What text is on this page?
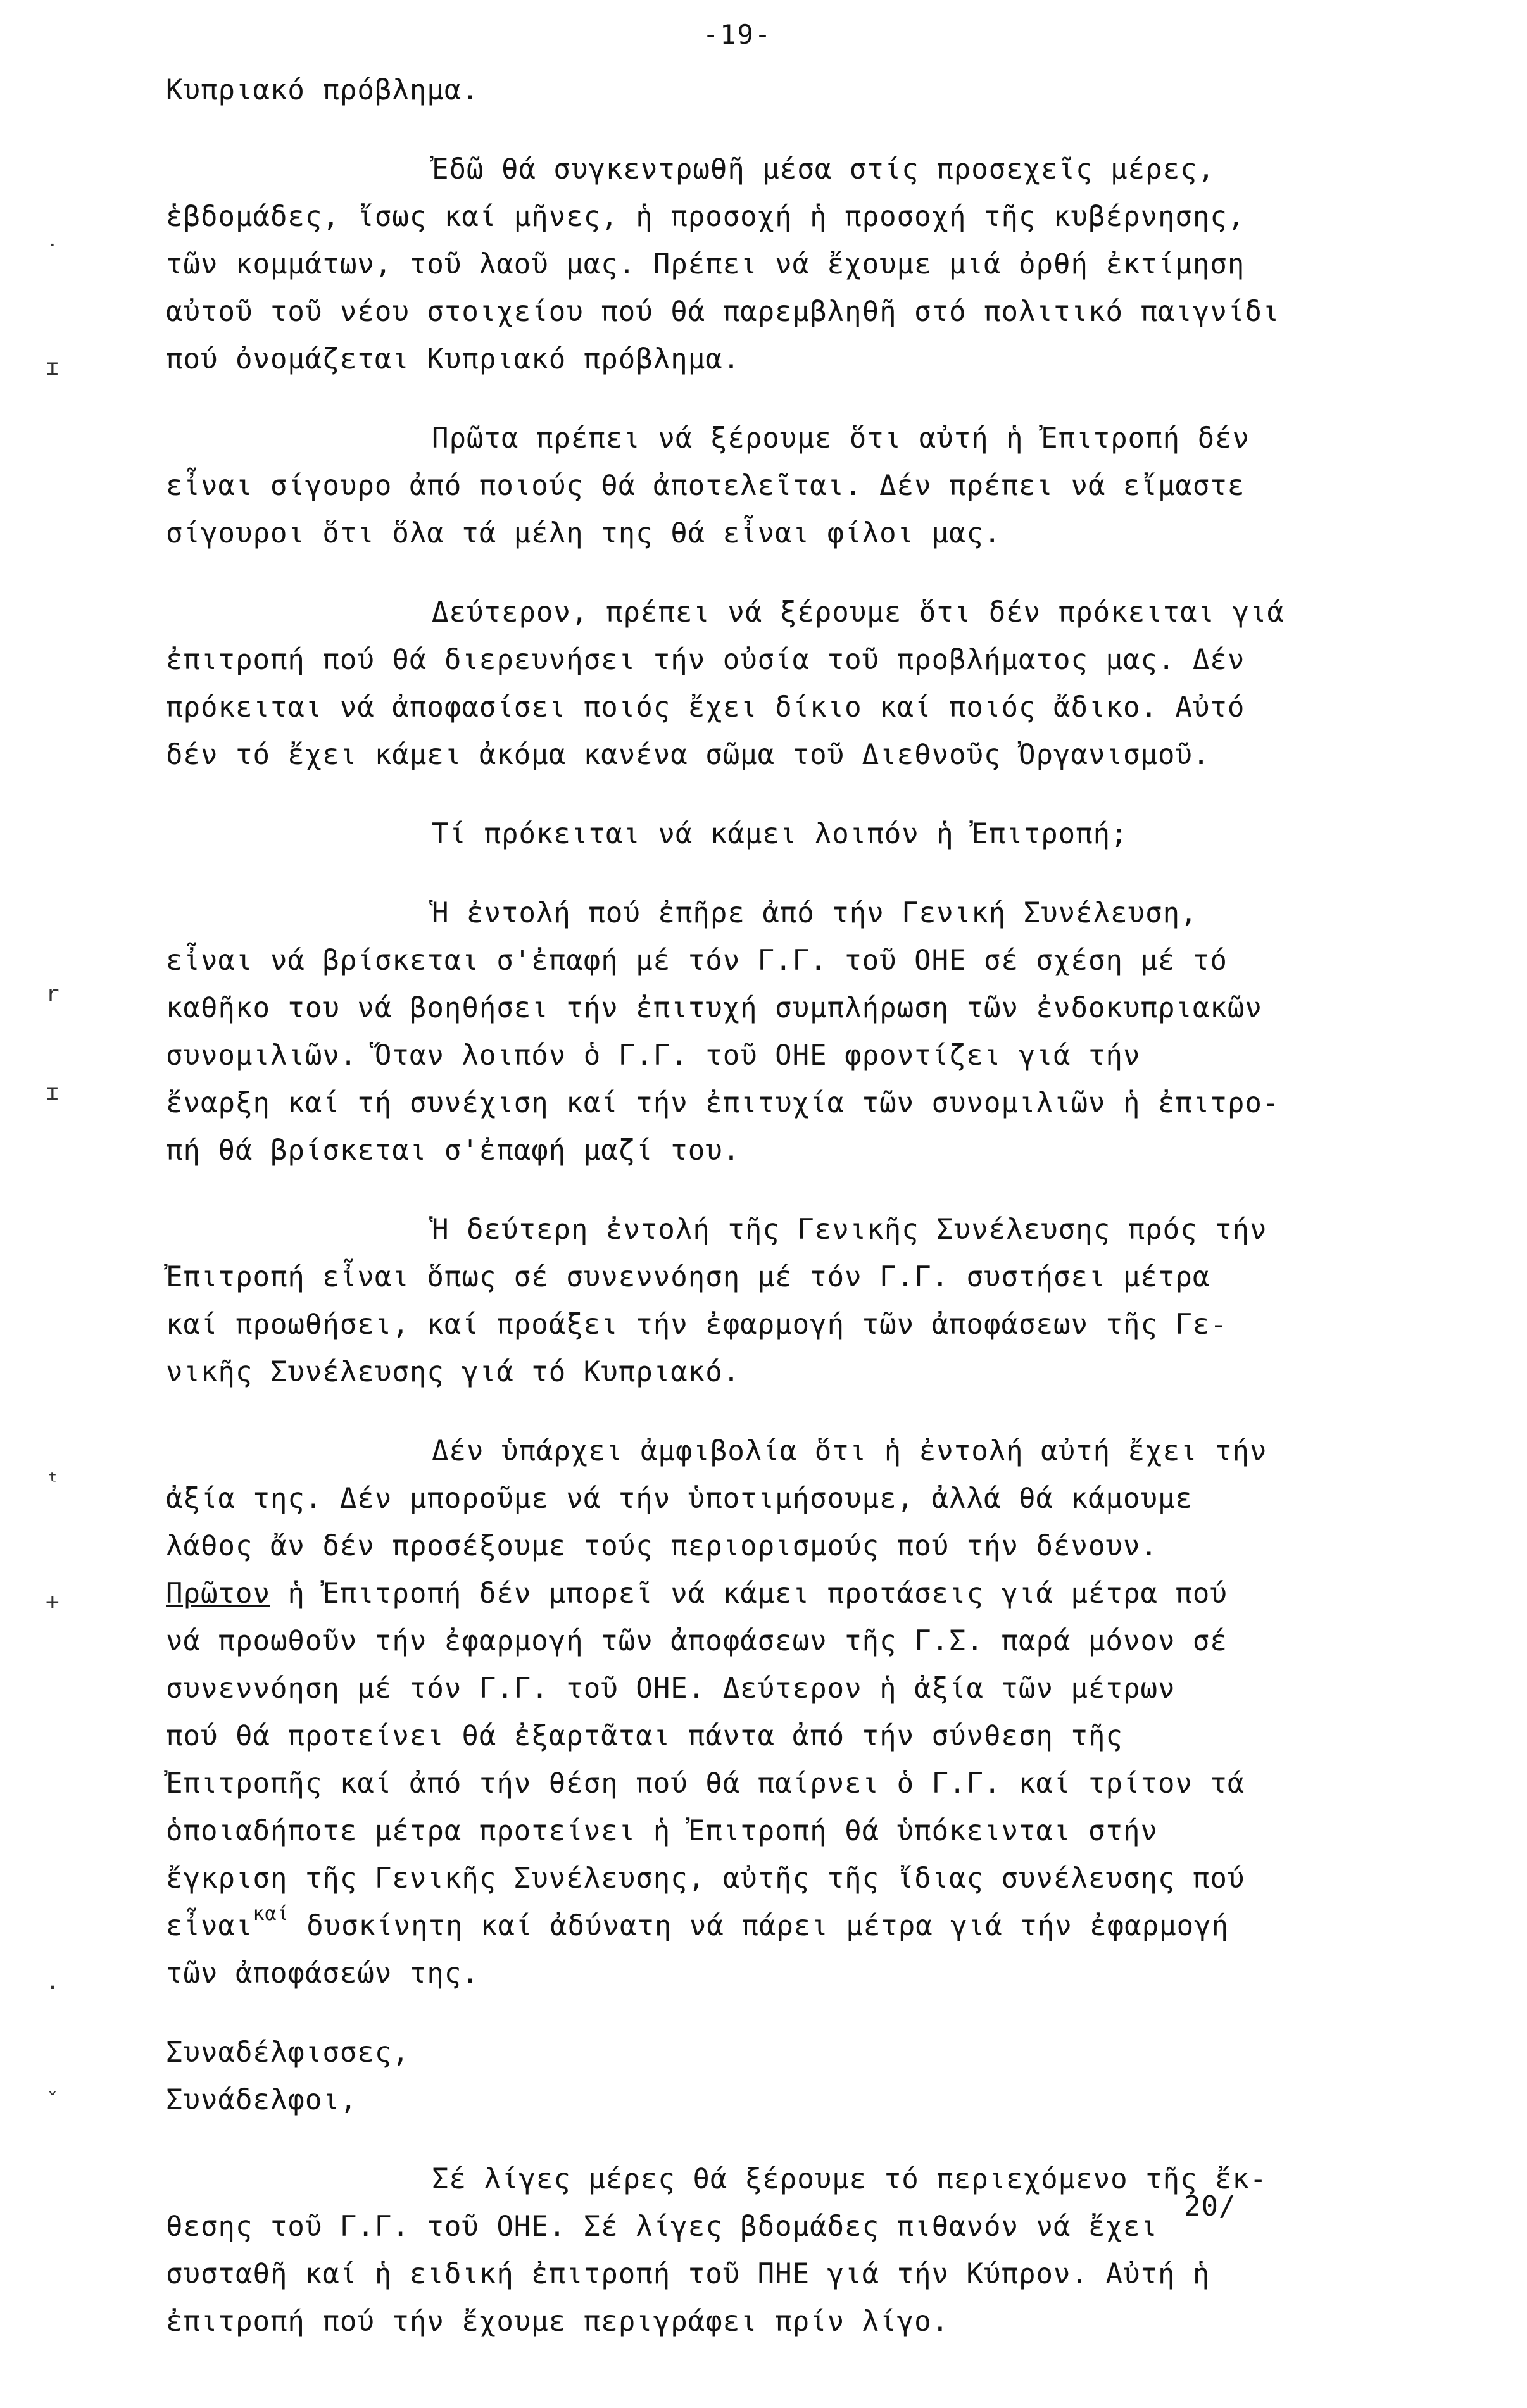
-19-
˙
ɪ
r
ɪ
ᵗ
+
·
ˇ
Κυπριακό πρόβλημα.
Ἐδῶ θά συγκεντρωθῆ μέσα στίς προσεχεῖς μέρες,
ἑβδομάδες, ἴσως καί μῆνες, ἡ προσοχή ἡ προσοχή τῆς κυβέρνησης,
τῶν κομμάτων, τοῦ λαοῦ μας. Πρέπει νά ἔχουμε μιά ὀρθή ἐκτίμηση
αὐτοῦ τοῦ νέου στοιχείου πού θά παρεμβληθῆ στό πολιτικό παιγνίδι
πού ὀνομάζεται Κυπριακό πρόβλημα.
Πρῶτα πρέπει νά ξέρουμε ὅτι αὐτή ἡ Ἐπιτροπή δέν
εἶναι σίγουρο ἀπό ποιούς θά ἀποτελεῖται. Δέν πρέπει νά εἴμαστε
σίγουροι ὅτι ὅλα τά μέλη της θά εἶναι φίλοι μας.
Δεύτερον, πρέπει νά ξέρουμε ὅτι δέν πρόκειται γιά
ἐπιτροπή πού θά διερευνήσει τήν οὐσία τοῦ προβλήματος μας. Δέν
πρόκειται νά ἀποφασίσει ποιός ἔχει δίκιο καί ποιός ἄδικο. Αὐτό
δέν τό ἔχει κάμει ἀκόμα κανένα σῶμα τοῦ Διεθνοῦς Ὀργανισμοῦ.
Τί πρόκειται νά κάμει λοιπόν ἡ Ἐπιτροπή;
Ἡ ἐντολή πού ἐπῆρε ἀπό τήν Γενική Συνέλευση,
εἶναι νά βρίσκεται σ'ἐπαφή μέ τόν Γ.Γ. τοῦ ΟΗΕ σέ σχέση μέ τό
καθῆκο του νά βοηθήσει τήν ἐπιτυχή συμπλήρωση τῶν ἐνδοκυπριακῶν
συνομιλιῶν. Ὅταν λοιπόν ὁ Γ.Γ. τοῦ ΟΗΕ φροντίζει γιά τήν
ἔναρξη καί τή συνέχιση καί τήν ἐπιτυχία τῶν συνομιλιῶν ἡ ἐπιτρο-
πή θά βρίσκεται σ'ἐπαφή μαζί του.
Ἡ δεύτερη ἐντολή τῆς Γενικῆς Συνέλευσης πρός τήν
Ἐπιτροπή εἶναι ὅπως σέ συνεννόηση μέ τόν Γ.Γ. συστήσει μέτρα
καί προωθήσει, καί προάξει τήν ἐφαρμογή τῶν ἀποφάσεων τῆς Γε-
νικῆς Συνέλευσης γιά τό Κυπριακό.
Δέν ὑπάρχει ἀμφιβολία ὅτι ἡ ἐντολή αὐτή ἔχει τήν
ἀξία της. Δέν μποροῦμε νά τήν ὑποτιμήσουμε, ἀλλά θά κάμουμε
λάθος ἄν δέν προσέξουμε τούς περιορισμούς πού τήν δένουν.
Πρῶτον ἡ Ἐπιτροπή δέν μπορεῖ νά κάμει προτάσεις γιά μέτρα πού
νά προωθοῦν τήν ἐφαρμογή τῶν ἀποφάσεων τῆς Γ.Σ. παρά μόνον σέ
συνεννόηση μέ τόν Γ.Γ. τοῦ ΟΗΕ. Δεύτερον ἡ ἀξία τῶν μέτρων
πού θά προτείνει θά ἐξαρτᾶται πάντα ἀπό τήν σύνθεση τῆς
Ἐπιτροπῆς καί ἀπό τήν θέση πού θά παίρνει ὁ Γ.Γ. καί τρίτον τά
ὁποιαδήποτε μέτρα προτείνει ἡ Ἐπιτροπή θά ὑπόκεινται στήν
ἔγκριση τῆς Γενικῆς Συνέλευσης, αὐτῆς τῆς ἴδιας συνέλευσης πού
εἶναι$^{\kappa\alpha ί}$ δυσκίνητη καί ἀδύνατη νά πάρει μέτρα γιά τήν ἐφαρμογή
τῶν ἀποφάσεών της.
Συναδέλφισσες,
Συνάδελφοι,
Σέ λίγες μέρες θά ξέρουμε τό περιεχόμενο τῆς ἔκ-
θεσης τοῦ Γ.Γ. τοῦ ΟΗΕ. Σέ λίγες βδομάδες πιθανόν νά ἔχει
συσταθῆ καί ἡ ειδική ἐπιτροπή τοῦ ΠΗΕ γιά τήν Κύπρον. Αὐτή ἡ
ἐπιτροπή πού τήν ἔχουμε περιγράφει πρίν λίγο.
20/
